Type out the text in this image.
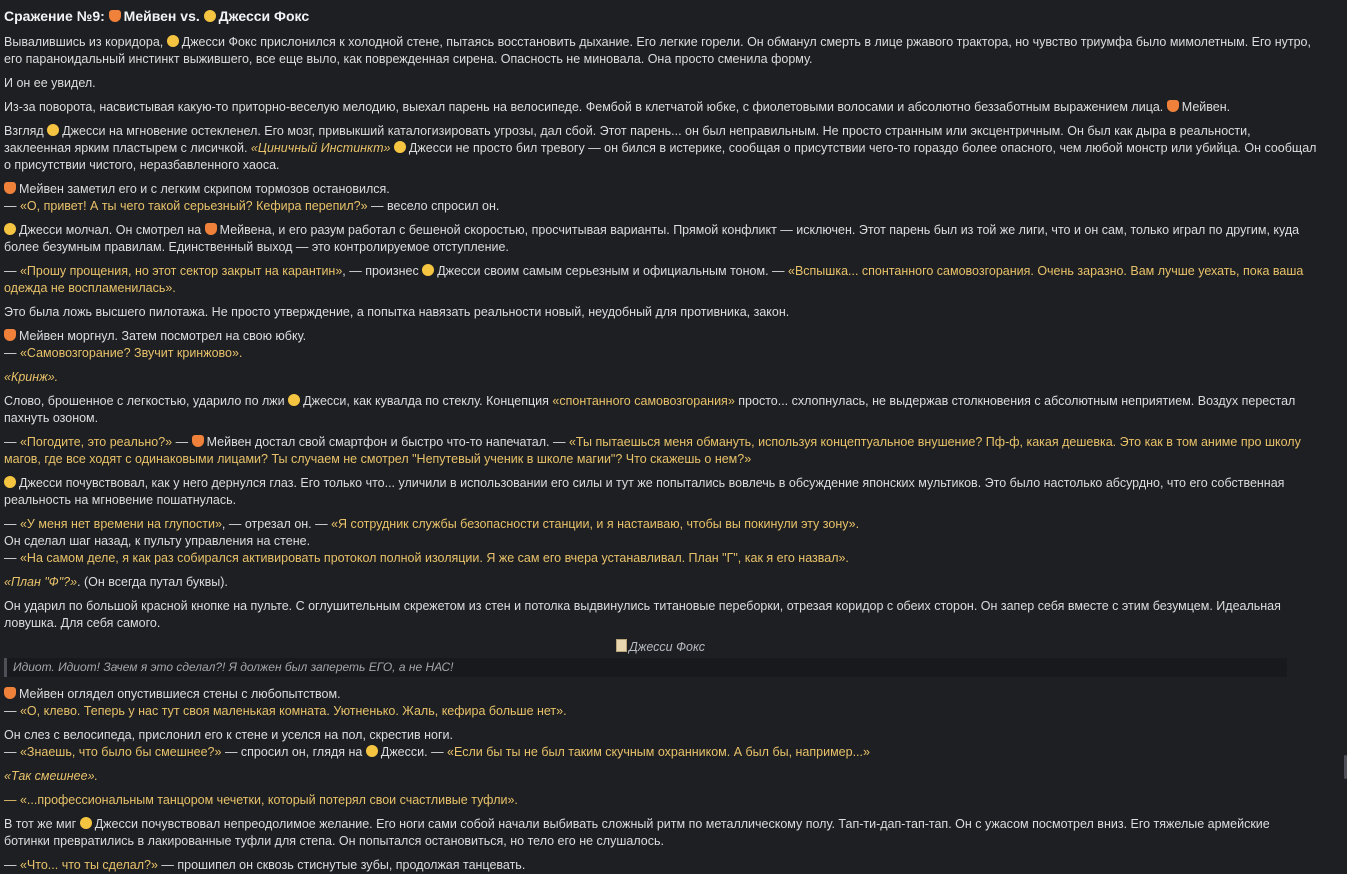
Сражение №9: Мейвен vs. Джесси Фокс

Вывалившись из коридора, Джесси Фокс прислонился к холодной стене, пытаясь восстановить дыхание. Его легкие горели. Он обманул смерть в лице ржавого трактора, но чувство триумфа было мимолетным. Его нутро, его параноидальный инстинкт выжившего, все еще выло, как поврежденная сирена. Опасность не миновала. Она просто сменила форму.

И он ее увидел.

Из-за поворота, насвистывая какую-то приторно-веселую мелодию, выехал парень на велосипеде. Фембой в клетчатой юбке, с фиолетовыми волосами и абсолютно беззаботным выражением лица. Мейвен.

Взгляд Джесси на мгновение остекленел. Его мозг, привыкший каталогизировать угрозы, дал сбой. Этот парень... он был неправильным. Не просто странным или эксцентричным. Он был как дыра в реальности, заклеенная ярким пластырем с лисичкой. «Циничный Инстинкт» Джесси не просто бил тревогу — он бился в истерике, сообщая о присутствии чего-то гораздо более опасного, чем любой монстр или убийца. Он сообщал о присутствии чистого, неразбавленного хаоса.

Мейвен заметил его и с легким скрипом тормозов остановился.
— «О, привет! А ты чего такой серьезный? Кефира перепил?» — весело спросил он.

Джесси молчал. Он смотрел на Мейвена, и его разум работал с бешеной скоростью, просчитывая варианты. Прямой конфликт — исключен. Этот парень был из той же лиги, что и он сам, только играл по другим, куда более безумным правилам. Единственный выход — это контролируемое отступление.

— «Прошу прощения, но этот сектор закрыт на карантин», — произнес Джесси своим самым серьезным и официальным тоном. — «Вспышка... спонтанного самовозгорания. Очень заразно. Вам лучше уехать, пока ваша одежда не воспламенилась».

Это была ложь высшего пилотажа. Не просто утверждение, а попытка навязать реальности новый, неудобный для противника, закон.

Мейвен моргнул. Затем посмотрел на свою юбку.
— «Самовозгорание? Звучит кринжово».

«Кринж».

Слово, брошенное с легкостью, ударило по лжи Джесси, как кувалда по стеклу. Концепция «спонтанного самовозгорания» просто... схлопнулась, не выдержав столкновения с абсолютным неприятием. Воздух перестал пахнуть озоном.

— «Погодите, это реально?» — Мейвен достал свой смартфон и быстро что-то напечатал. — «Ты пытаешься меня обмануть, используя концептуальное внушение? Пф-ф, какая дешевка. Это как в том аниме про школу магов, где все ходят с одинаковыми лицами? Ты случаем не смотрел "Непутевый ученик в школе магии"? Что скажешь о нем?»

Джесси почувствовал, как у него дернулся глаз. Его только что... уличили в использовании его силы и тут же попытались вовлечь в обсуждение японских мультиков. Это было настолько абсурдно, что его собственная реальность на мгновение пошатнулась.

— «У меня нет времени на глупости», — отрезал он. — «Я сотрудник службы безопасности станции, и я настаиваю, чтобы вы покинули эту зону».
Он сделал шаг назад, к пульту управления на стене.
— «На самом деле, я как раз собирался активировать протокол полной изоляции. Я же сам его вчера устанавливал. План "Г", как я его назвал».

«План "Ф"?». (Он всегда путал буквы).

Он ударил по большой красной кнопке на пульте. С оглушительным скрежетом из стен и потолка выдвинулись титановые переборки, отрезая коридор с обеих сторон. Он запер себя вместе с этим безумцем. Идеальная ловушка. Для себя самого.

Джесси Фокс
Идиот. Идиот! Зачем я это сделал?! Я должен был запереть ЕГО, а не НАС!

Мейвен оглядел опустившиеся стены с любопытством.
— «О, клево. Теперь у нас тут своя маленькая комната. Уютненько. Жаль, кефира больше нет».

Он слез с велосипеда, прислонил его к стене и уселся на пол, скрестив ноги.
— «Знаешь, что было бы смешнее?» — спросил он, глядя на Джесси. — «Если бы ты не был таким скучным охранником. А был бы, например...»

«Так смешнее».

— «...профессиональным танцором чечетки, который потерял свои счастливые туфли».

В тот же миг Джесси почувствовал непреодолимое желание. Его ноги сами собой начали выбивать сложный ритм по металлическому полу. Тап-ти-дап-тап-тап. Он с ужасом посмотрел вниз. Его тяжелые армейские ботинки превратились в лакированные туфли для степа. Он попытался остановиться, но тело его не слушалось.

— «Что... что ты сделал?» — прошипел он сквозь стиснутые зубы, продолжая танцевать.
